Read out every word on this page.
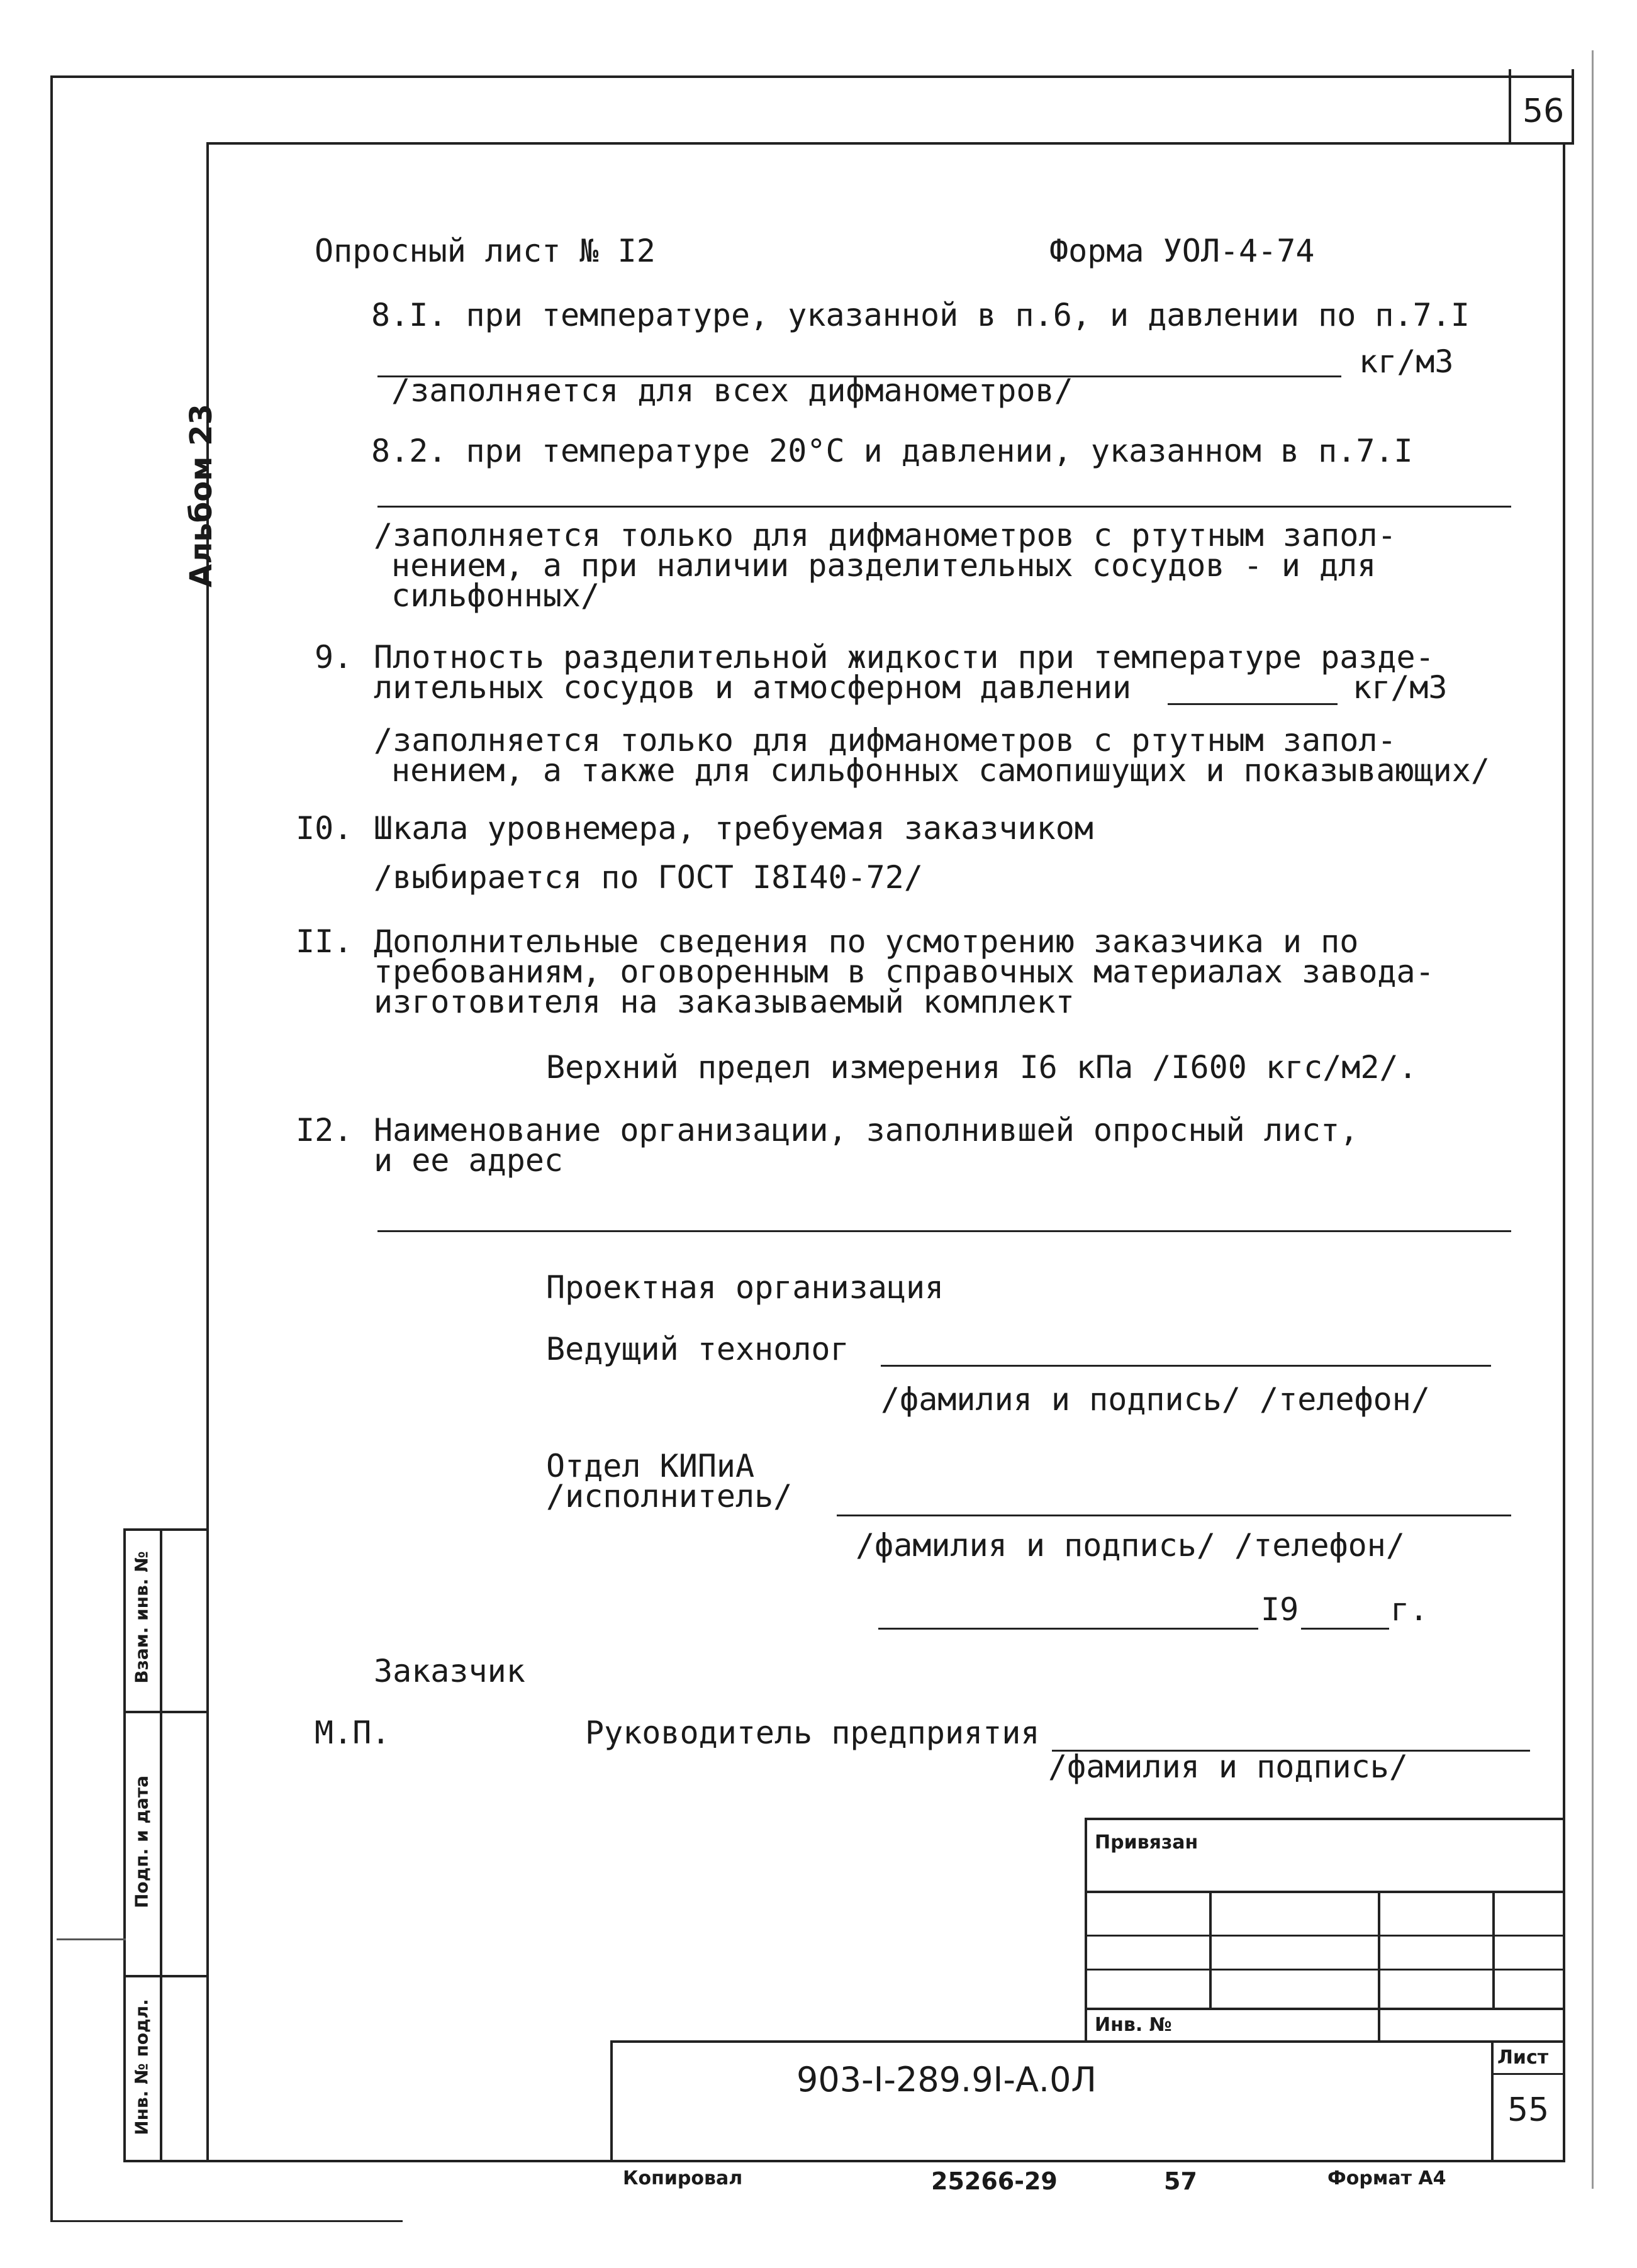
56
Альбом 23
Взам. инв. №
Подп. и дата
Инв. № подл.
Опросный лист № I2	Форма УОЛ-4-74
8.I. при температуре, указанной в п.6, и давлении по п.7.I
кг/м3
/заполняется для всех дифманометров/
8.2. при температуре 20°С и давлении, указанном в п.7.I
/заполняется только для дифманометров с ртутным запол-
нением, а при наличии разделительных сосудов - и для
сильфонных/
9. Плотность разделительной жидкости при температуре разде-
лительных сосудов и атмосферном давлении	кг/м3
/заполняется только для дифманометров с ртутным запол-
нением, а также для сильфонных самопишущих и показывающих/
I0. Шкала уровнемера, требуемая заказчиком
/выбирается по ГОСТ I8I40-72/
II. Дополнительные сведения по усмотрению заказчика и по
требованиям, оговоренным в справочных материалах завода-
изготовителя на заказываемый комплект
Верхний предел измерения I6 кПа /I600 кгс/м2/.
I2. Наименование организации, заполнившей опросный лист,
и ее адрес
Проектная организация
Ведущий технолог
/фамилия и подпись/ /телефон/
Отдел КИПиА
/исполнитель/
/фамилия и подпись/ /телефон/
I9	г.
Заказчик
М.П.	Руководитель предприятия
/фамилия и подпись/
Привязан
Инв. №
903-I-289.9I-А.0Л
Лист
55
Копировал	25266-29	57	Формат А4
